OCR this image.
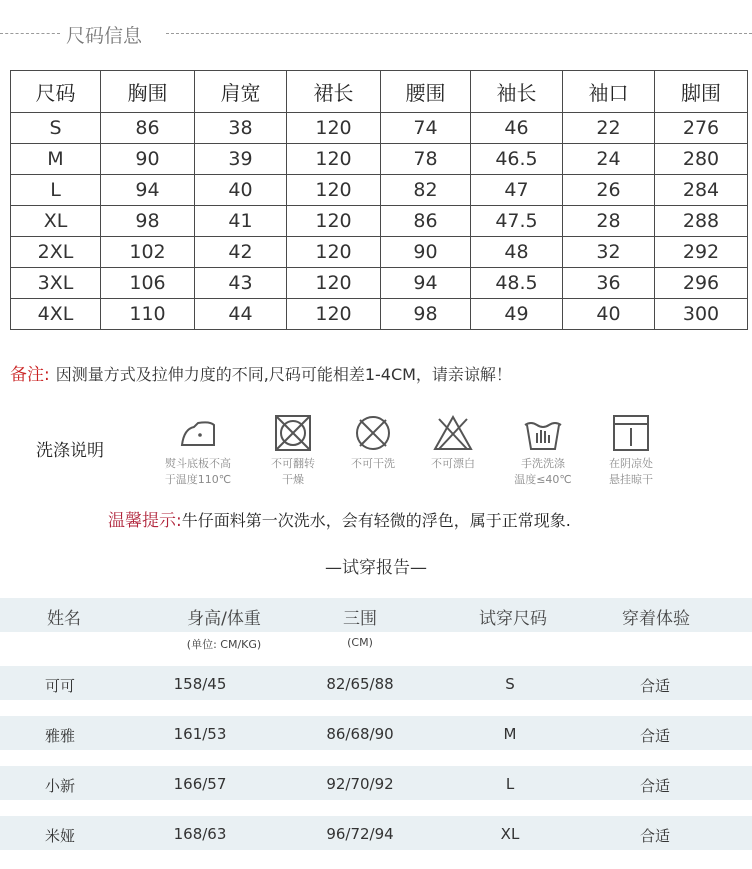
尺码信息
尺码	胸围	肩宽	裙长	腰围	袖长	袖口	脚围
S	86	38	120	74	46	22	276
M	90	39	120	78	46.5	24	280
L	94	40	120	82	47	26	284
XL	98	41	120	86	47.5	28	288
2XL	102	42	120	90	48	32	292
3XL	106	43	120	94	48.5	36	296
4XL	110	44	120	98	49	40	300
备注: 因测量方式及拉伸力度的不同,尺码可能相差1-4CM，请亲谅解！
洗涤说明
熨斗底板不高
于温度110℃
不可翻转
干燥
不可干洗	不可漂白	手洗洗涤
温度≤40℃
在阴凉处
悬挂晾干
温馨提示:牛仔面料第一次洗水，会有轻微的浮色，属于正常现象.
—试穿报告—
姓名	身高/体重	三围	试穿尺码	穿着体验
(单位: CM/KG)	(CM)
可可	158/45	82/65/88	S	合适
雅雅	161/53	86/68/90	M	合适
小新	166/57	92/70/92	L	合适
米娅	168/63	96/72/94	XL	合适
